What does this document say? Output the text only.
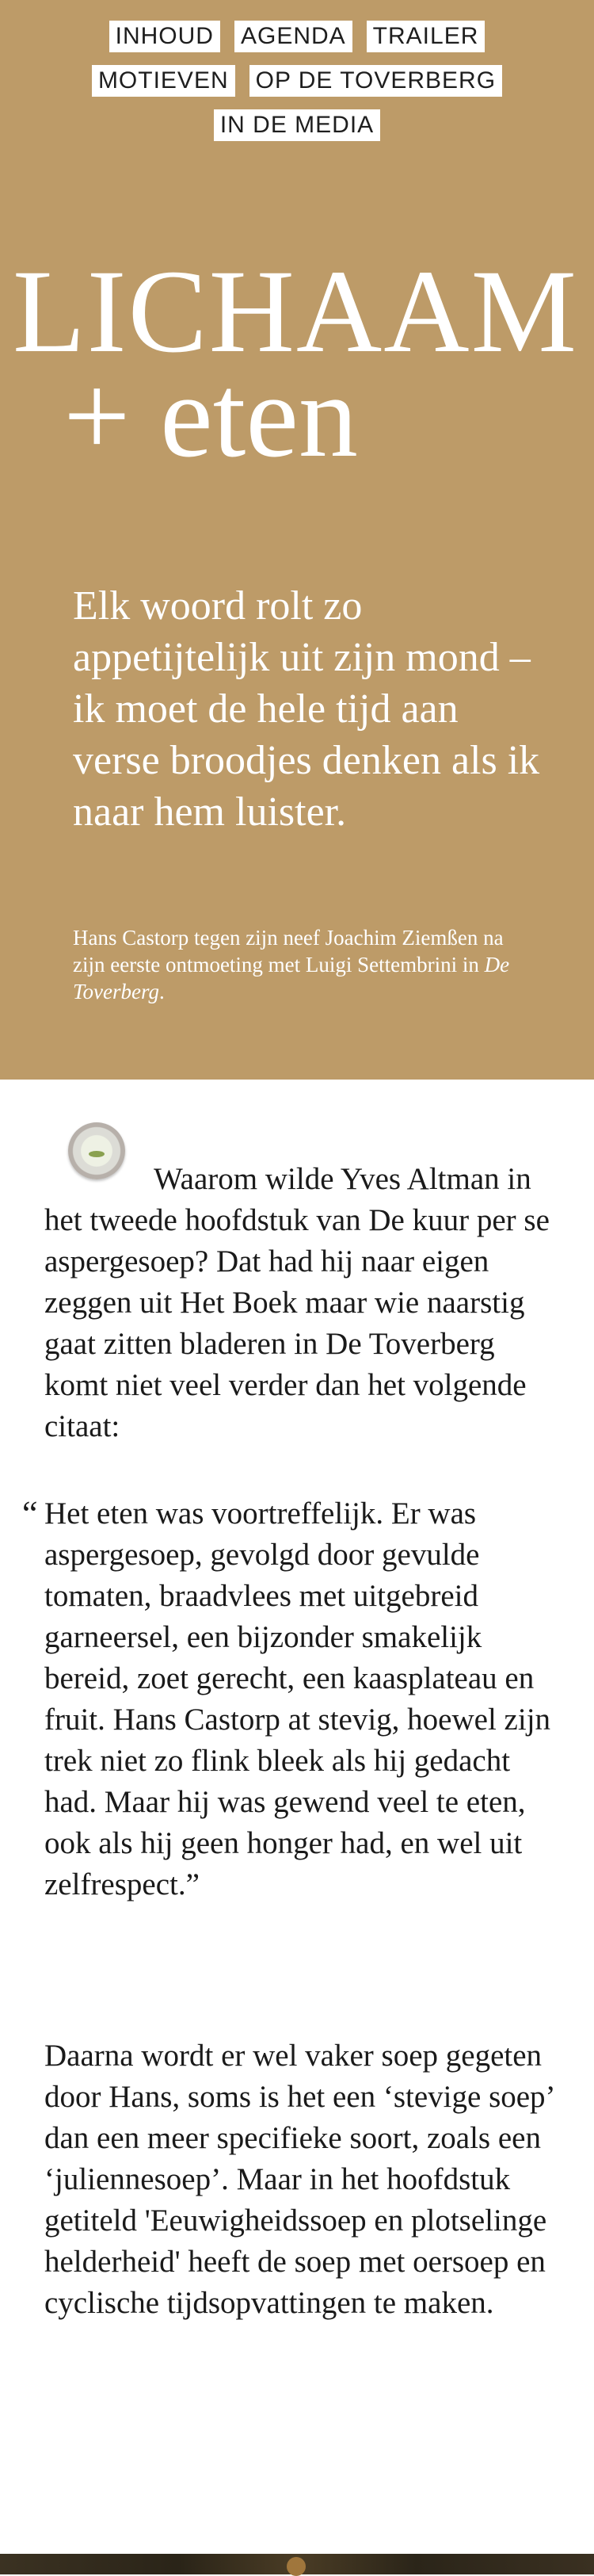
INHOUD AGENDA TRAILER
MOTIEVEN OP DE TOVERBERG
IN DE MEDIA
LICHAAM
+ eten

Elk woord rolt zo appetijtelijk uit zijn mond – ik moet de hele tijd aan verse broodjes denken als ik naar hem luister.

Hans Castorp tegen zijn neef Joachim Ziemßen na zijn eerste ontmoeting met Luigi Settembrini in De Toverberg.

Waarom wilde Yves Altman in het tweede hoofdstuk van De kuur per se aspergesoep? Dat had hij naar eigen zeggen uit Het Boek maar wie naarstig gaat zitten bladeren in De Toverberg komt niet veel verder dan het volgende citaat:

“ Het eten was voortreffelijk. Er was aspergesoep, gevolgd door gevulde tomaten, braadvlees met uitgebreid garneersel, een bijzonder smakelijk bereid, zoet gerecht, een kaasplateau en fruit. Hans Castorp at stevig, hoewel zijn trek niet zo flink bleek als hij gedacht had. Maar hij was gewend veel te eten, ook als hij geen honger had, en wel uit zelfrespect.”

Daarna wordt er wel vaker soep gegeten door Hans, soms is het een ‘stevige soep’ dan een meer specifieke soort, zoals een ‘juliennesoep’. Maar in het hoofdstuk getiteld 'Eeuwigheidssoep en plotselinge helderheid' heeft de soep met oersoep en cyclische tijdsopvattingen te maken.
